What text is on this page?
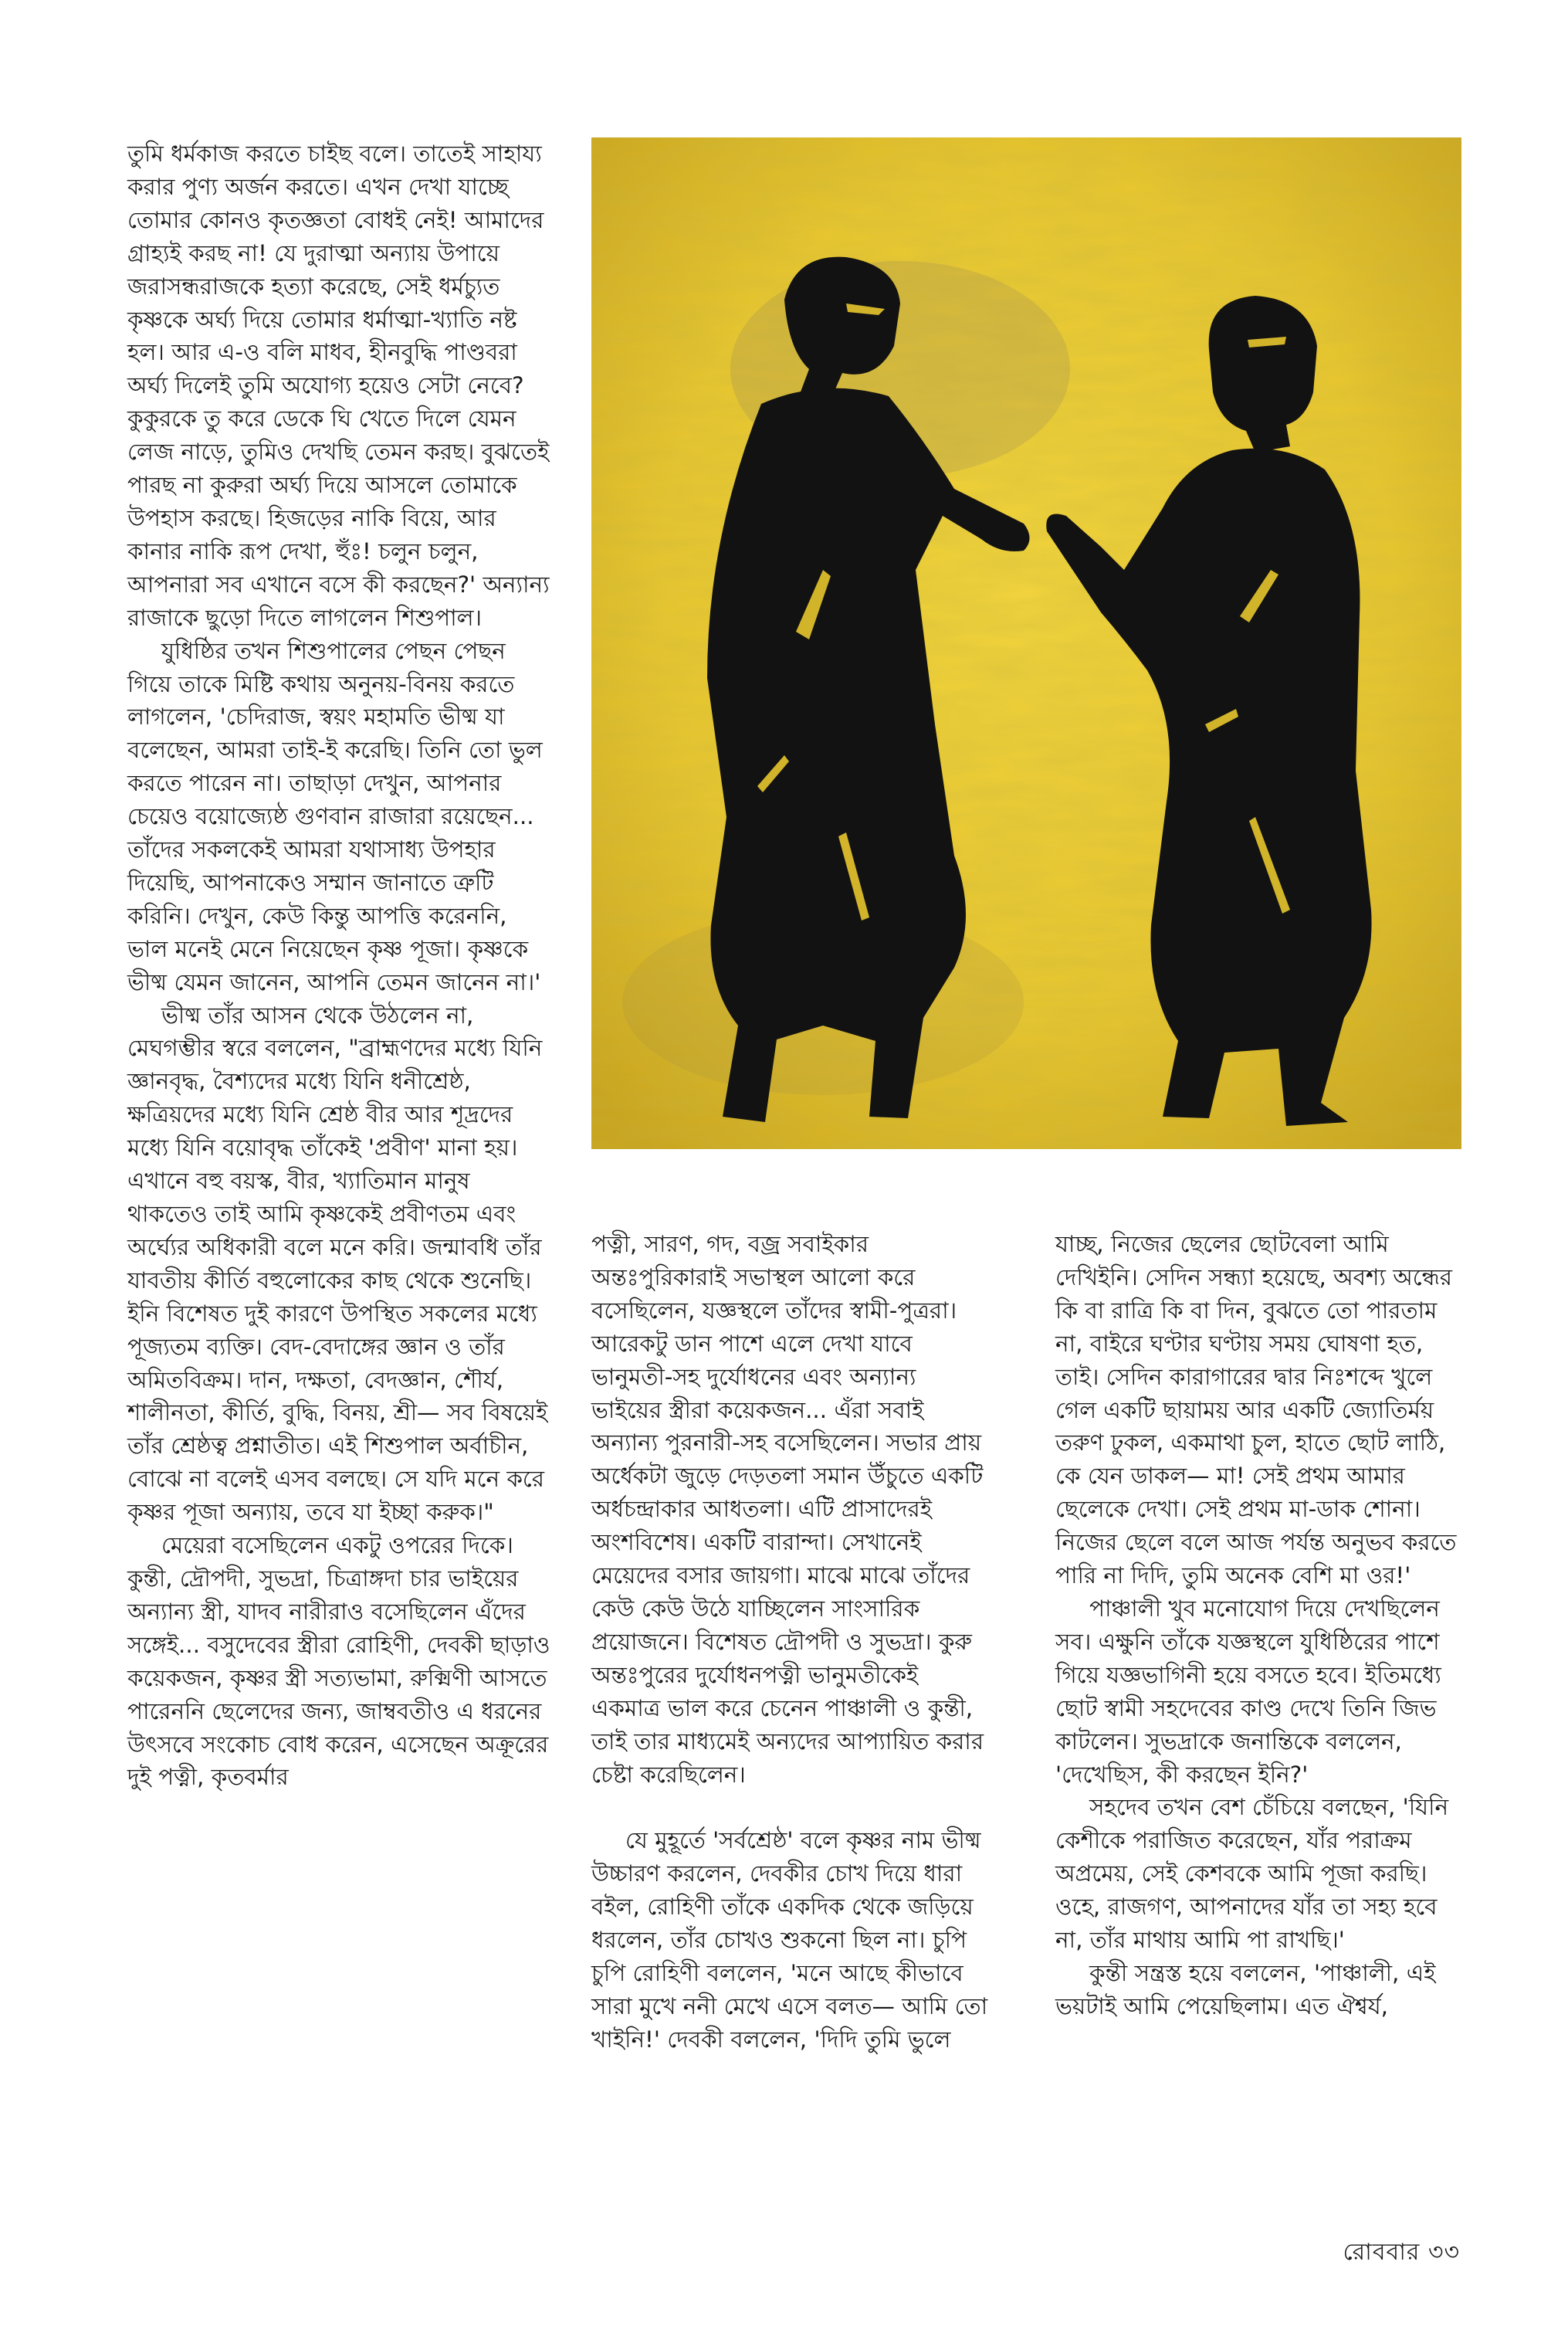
তুমি ধর্মকাজ করতে চাইছ বলে। তাতেই সাহায্য করার পুণ্য অর্জন করতে। এখন দেখা যাচ্ছে তোমার কোনও কৃতজ্ঞতা বোধই নেই! আমাদের গ্রাহ্যই করছ না! যে দুরাত্মা অন্যায় উপায়ে জরাসন্ধরাজকে হত্যা করেছে, সেই ধর্মচ্যুত কৃষ্ণকে অর্ঘ্য দিয়ে তোমার ধর্মাত্মা-খ্যাতি নষ্ট হল। আর এ-ও বলি মাধব, হীনবুদ্ধি পাণ্ডবরা অর্ঘ্য দিলেই তুমি অযোগ্য হয়েও সেটা নেবে? কুকুরকে তু করে ডেকে ঘি খেতে দিলে যেমন লেজ নাড়ে, তুমিও দেখছি তেমন করছ। বুঝতেই পারছ না কুরুরা অর্ঘ্য দিয়ে আসলে তোমাকে উপহাস করছে। হিজড়ের নাকি বিয়ে, আর কানার নাকি রূপ দেখা, হুঁঃ! চলুন চলুন, আপনারা সব এখানে বসে কী করছেন?' অন্যান্য রাজাকে ছুড়ো দিতে লাগলেন শিশুপাল।

যুধিষ্ঠির তখন শিশুপালের পেছন পেছন গিয়ে তাকে মিষ্টি কথায় অনুনয়-বিনয় করতে লাগলেন, 'চেদিরাজ, স্বয়ং মহামতি ভীষ্ম যা বলেছেন, আমরা তাই-ই করেছি। তিনি তো ভুল করতে পারেন না। তাছাড়া দেখুন, আপনার চেয়েও বয়োজ্যেষ্ঠ গুণবান রাজারা রয়েছেন... তাঁদের সকলকেই আমরা যথাসাধ্য উপহার দিয়েছি, আপনাকেও সম্মান জানাতে ত্রুটি করিনি। দেখুন, কেউ কিন্তু আপত্তি করেননি, ভাল মনেই মেনে নিয়েছেন কৃষ্ণ পূজা। কৃষ্ণকে ভীষ্ম যেমন জানেন, আপনি তেমন জানেন না।'

ভীষ্ম তাঁর আসন থেকে উঠলেন না, মেঘগম্ভীর স্বরে বললেন, "ব্রাহ্মণদের মধ্যে যিনি জ্ঞানবৃদ্ধ, বৈশ্যদের মধ্যে যিনি ধনীশ্রেষ্ঠ, ক্ষত্রিয়দের মধ্যে যিনি শ্রেষ্ঠ বীর আর শূদ্রদের মধ্যে যিনি বয়োবৃদ্ধ তাঁকেই 'প্রবীণ' মানা হয়। এখানে বহু বয়স্ক, বীর, খ্যাতিমান মানুষ থাকতেও তাই আমি কৃষ্ণকেই প্রবীণতম এবং অর্ঘ্যের অধিকারী বলে মনে করি। জন্মাবধি তাঁর যাবতীয় কীর্তি বহুলোকের কাছ থেকে শুনেছি। ইনি বিশেষত দুই কারণে উপস্থিত সকলের মধ্যে পূজ্যতম ব্যক্তি। বেদ-বেদাঙ্গের জ্ঞান ও তাঁর অমিতবিক্রম। দান, দক্ষতা, বেদজ্ঞান, শৌর্য, শালীনতা, কীর্তি, বুদ্ধি, বিনয়, শ্রী— সব বিষয়েই তাঁর শ্রেষ্ঠত্ব প্রশ্নাতীত। এই শিশুপাল অর্বাচীন, বোঝে না বলেই এসব বলছে। সে যদি মনে করে কৃষ্ণর পূজা অন্যায়, তবে যা ইচ্ছা করুক।"

মেয়েরা বসেছিলেন একটু ওপরের দিকে। কুন্তী, দ্রৌপদী, সুভদ্রা, চিত্রাঙ্গদা চার ভাইয়ের অন্যান্য স্ত্রী, যাদব নারীরাও বসেছিলেন এঁদের সঙ্গেই... বসুদেবের স্ত্রীরা রোহিণী, দেবকী ছাড়াও কয়েকজন, কৃষ্ণর স্ত্রী সত্যভামা, রুক্মিণী আসতে পারেননি ছেলেদের জন্য, জাম্ববতীও এ ধরনের উৎসবে সংকোচ বোধ করেন, এসেছেন অক্রূরের দুই পত্নী, কৃতবর্মার

পত্নী, সারণ, গদ, বজ্র সবাইকার অন্তঃপুরিকারাই সভাস্থল আলো করে বসেছিলেন, যজ্ঞস্থলে তাঁদের স্বামী-পুত্ররা। আরেকটু ডান পাশে এলে দেখা যাবে ভানুমতী-সহ দুর্যোধনের এবং অন্যান্য ভাইয়ের স্ত্রীরা কয়েকজন... এঁরা সবাই অন্যান্য পুরনারী-সহ বসেছিলেন। সভার প্রায় অর্ধেকটা জুড়ে দেড়তলা সমান উঁচুতে একটি অর্ধচন্দ্রাকার আধতলা। এটি প্রাসাদেরই অংশবিশেষ। একটি বারান্দা। সেখানেই মেয়েদের বসার জায়গা। মাঝে মাঝে তাঁদের কেউ কেউ উঠে যাচ্ছিলেন সাংসারিক প্রয়োজনে। বিশেষত দ্রৌপদী ও সুভদ্রা। কুরু অন্তঃপুরের দুর্যোধনপত্নী ভানুমতীকেই একমাত্র ভাল করে চেনেন পাঞ্চালী ও কুন্তী, তাই তার মাধ্যমেই অন্যদের আপ্যায়িত করার চেষ্টা করেছিলেন।

যে মুহূর্তে 'সর্বশ্রেষ্ঠ' বলে কৃষ্ণর নাম ভীষ্ম উচ্চারণ করলেন, দেবকীর চোখ দিয়ে ধারা বইল, রোহিণী তাঁকে একদিক থেকে জড়িয়ে ধরলেন, তাঁর চোখও শুকনো ছিল না। চুপি চুপি রোহিণী বললেন, 'মনে আছে কীভাবে সারা মুখে ননী মেখে এসে বলত— আমি তো খাইনি!' দেবকী বললেন, 'দিদি তুমি ভুলে

যাচ্ছ, নিজের ছেলের ছোটবেলা আমি দেখিইনি। সেদিন সন্ধ্যা হয়েছে, অবশ্য অন্ধের কি বা রাত্রি কি বা দিন, বুঝতে তো পারতাম না, বাইরে ঘণ্টার ঘণ্টায় সময় ঘোষণা হত, তাই। সেদিন কারাগারের দ্বার নিঃশব্দে খুলে গেল একটি ছায়াময় আর একটি জ্যোতির্ময় তরুণ ঢুকল, একমাথা চুল, হাতে ছোট লাঠি, কে যেন ডাকল— মা! সেই প্রথম আমার ছেলেকে দেখা। সেই প্রথম মা-ডাক শোনা। নিজের ছেলে বলে আজ পর্যন্ত অনুভব করতে পারি না দিদি, তুমি অনেক বেশি মা ওর!'

পাঞ্চালী খুব মনোযোগ দিয়ে দেখছিলেন সব। এক্ষুনি তাঁকে যজ্ঞস্থলে যুধিষ্ঠিরের পাশে গিয়ে যজ্ঞভাগিনী হয়ে বসতে হবে। ইতিমধ্যে ছোট স্বামী সহদেবের কাণ্ড দেখে তিনি জিভ কাটলেন। সুভদ্রাকে জনান্তিকে বললেন, 'দেখেছিস, কী করছেন ইনি?'

সহদেব তখন বেশ চেঁচিয়ে বলছেন, 'যিনি কেশীকে পরাজিত করেছেন, যাঁর পরাক্রম অপ্রমেয়, সেই কেশবকে আমি পূজা করছি। ওহে, রাজগণ, আপনাদের যাঁর তা সহ্য হবে না, তাঁর মাথায় আমি পা রাখছি।'

কুন্তী সন্ত্রস্ত হয়ে বললেন, 'পাঞ্চালী, এই ভয়টাই আমি পেয়েছিলাম। এত ঐশ্বর্য,

রোববার ৩৩
